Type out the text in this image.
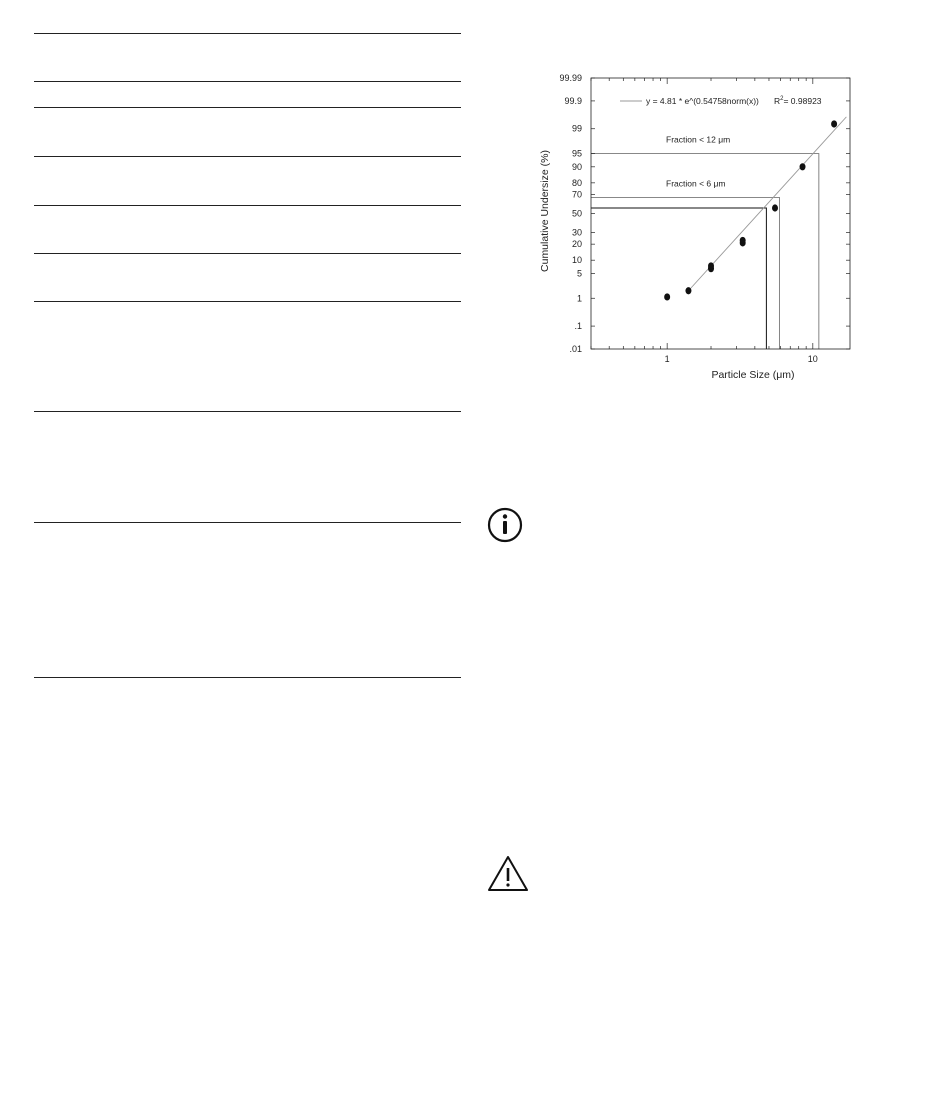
Fraction < 12 μm
Fraction < 6 μm
.01
.1
1
5
10
20
30
50
70
80
90
95
99
99.9
99.99
1	10
y = 4.81 * e^(0.54758norm(x)) $R^2= 0.98923$
Particle Size (μm)
Cumulative Undersize (%)
